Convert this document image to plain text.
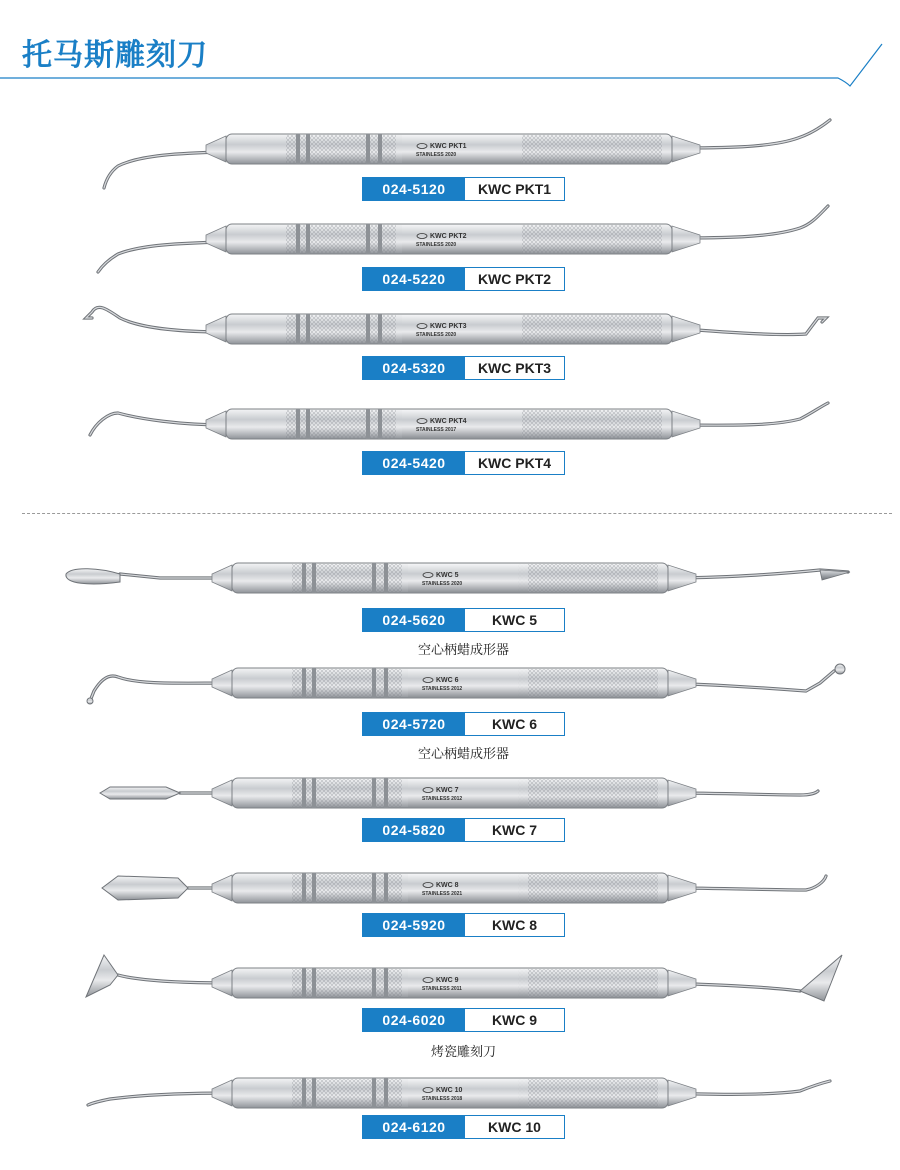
托马斯雕刻刀
KWC PKT1
STAINLESS 2020
024-5120	KWC PKT1
KWC PKT2
STAINLESS 2020
024-5220	KWC PKT2
KWC PKT3
STAINLESS 2020
024-5320	KWC PKT3
KWC PKT4
STAINLESS 2017
024-5420	KWC PKT4
KWC 5
STAINLESS 2020
024-5620	KWC 5
空心柄蜡成形器
KWC 6
STAINLESS 2012
024-5720	KWC 6
空心柄蜡成形器
KWC 7
STAINLESS 2012
024-5820	KWC 7
KWC 8
STAINLESS 2021
024-5920	KWC 8
KWC 9
STAINLESS 2011
024-6020	KWC 9
烤瓷雕刻刀
KWC 10
STAINLESS 2018
024-6120	KWC 10
